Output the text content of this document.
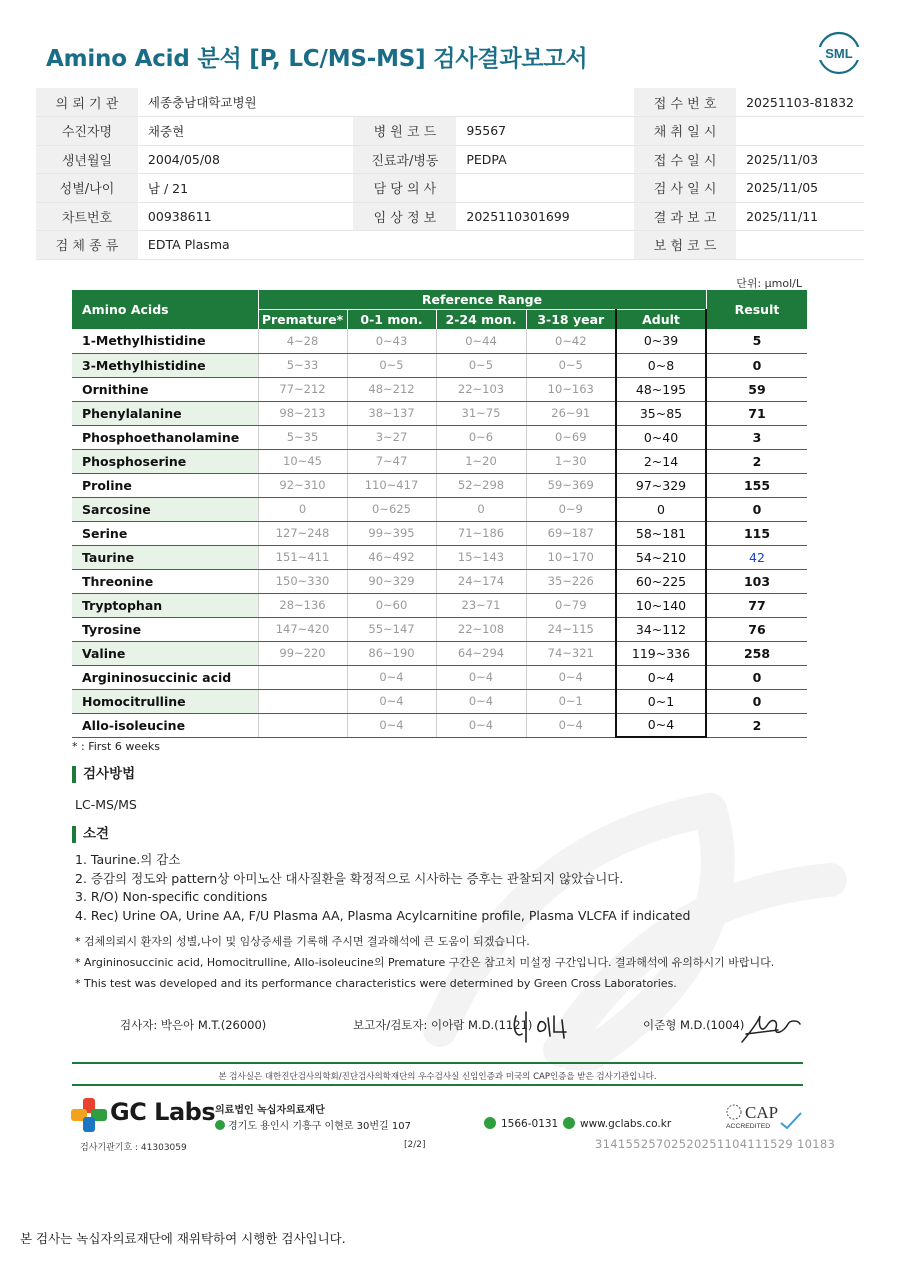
Amino Acid 분석 [P, LC/MS-MS] 검사결과보고서	SML
의 뢰 기 관	세종충남대학교병원			접 수 번 호	20251103-81832
수진자명	채중현	병 원 코 드	95567	채 취 일 시	
생년월일	2004/05/08	진료과/병동	PEDPA	접 수 일 시	2025/11/03
성별/나이	남 / 21	담 당 의 사		검 사 일 시	2025/11/05
차트번호	00938611	임 상 정 보	2025110301699	결 과 보 고	2025/11/11
검 체 종 류	EDTA Plasma			보 험 코 드	
단위: μmol/L
Amino Acids	Reference Range					Result
	Premature*	0-1 mon.	2-24 mon.	3-18 year	Adult	
1-Methylhistidine	4~28	0~43	0~44	0~42	0~39	5
3-Methylhistidine	5~33	0~5	0~5	0~5	0~8	0
Ornithine	77~212	48~212	22~103	10~163	48~195	59
Phenylalanine	98~213	38~137	31~75	26~91	35~85	71
Phosphoethanolamine	5~35	3~27	0~6	0~69	0~40	3
Phosphoserine	10~45	7~47	1~20	1~30	2~14	2
Proline	92~310	110~417	52~298	59~369	97~329	155
Sarcosine	0	0~625	0	0~9	0	0
Serine	127~248	99~395	71~186	69~187	58~181	115
Taurine	151~411	46~492	15~143	10~170	54~210	42
Threonine	150~330	90~329	24~174	35~226	60~225	103
Tryptophan	28~136	0~60	23~71	0~79	10~140	77
Tyrosine	147~420	55~147	22~108	24~115	34~112	76
Valine	99~220	86~190	64~294	74~321	119~336	258
Argininosuccinic acid		0~4	0~4	0~4	0~4	0
Homocitrulline		0~4	0~4	0~1	0~1	0
Allo-isoleucine		0~4	0~4	0~4	0~4	2
* : First 6 weeks
검사방법
LC-MS/MS
소견
1. Taurine.의 감소
2. 증감의 정도와 pattern상 아미노산 대사질환을 확정적으로 시사하는 증후는 관찰되지 않았습니다.
3. R/O) Non-specific conditions
4. Rec) Urine OA, Urine AA, F/U Plasma AA, Plasma Acylcarnitine profile, Plasma VLCFA if indicated
* 검체의뢰시 환자의 성별,나이 및 임상증세를 기록해 주시면 결과해석에 큰 도움이 되겠습니다.
* Argininosuccinic acid, Homocitrulline, Allo-isoleucine의 Premature 구간은 참고치 미설정 구간입니다. 결과해석에 유의하시기 바랍니다.
* This test was developed and its performance characteristics were determined by Green Cross Laboratories.
검사자: 박은아 M.T.(26000)	보고자/검토자: 이아람 M.D.(1121)	이준형 M.D.(1004)
본 검사실은 대한진단검사의학회/진단검사의학재단의 우수검사실 신임인증과 미국의 CAP인증을 받은 검사기관입니다.
GC Labs 의료법인 녹십자의료재단
경기도 용인시 기흥구 이현로 30번길 107	1566-0131	www.gclabs.co.kr
CAP
ACCREDITED
검사기관기호 : 41303059	[2/2]	31415525702520251104111529 10183
본 검사는 녹십자의료재단에 재위탁하여 시행한 검사입니다.
